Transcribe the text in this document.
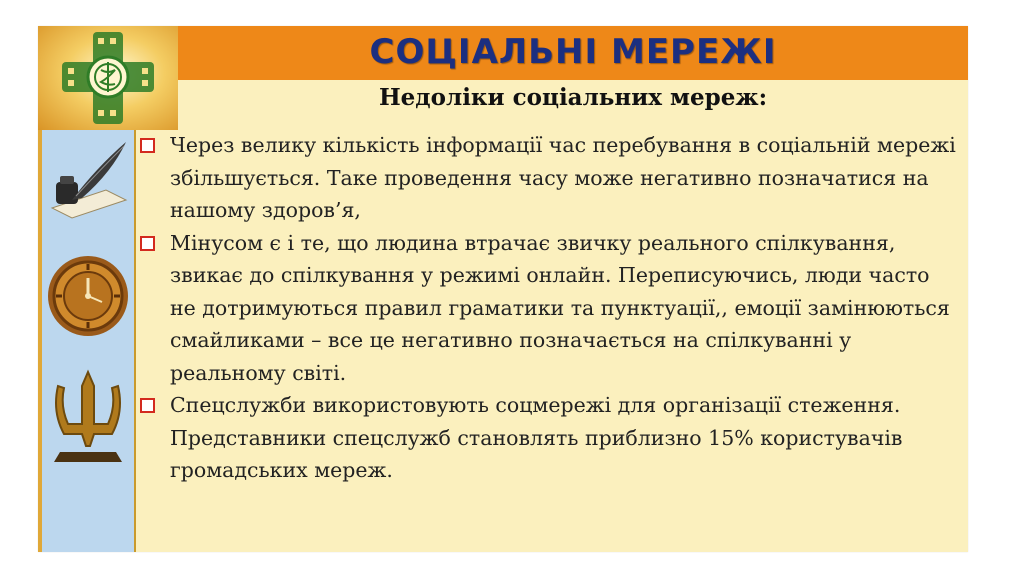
СОЦІАЛЬНІ МЕРЕЖІ
Недоліки соціальних мереж:
Через велику кількість інформації час перебування в соціальній мережі збільшується. Таке проведення часу може негативно позначатися на нашому здоров’я,
Мінусом є і те, що людина втрачає звичку реального спілкування, звикає до спілкування у режимі онлайн. Переписуючись, люди часто не дотримуються правил граматики та пунктуації,, емоції замінюються смайликами – все це негативно позначається на спілкуванні у реальному світі.
Спецслужби використовують соцмережі для організації стеження. Представники спецслужб становлять приблизно 15% користувачів громадських мереж.
